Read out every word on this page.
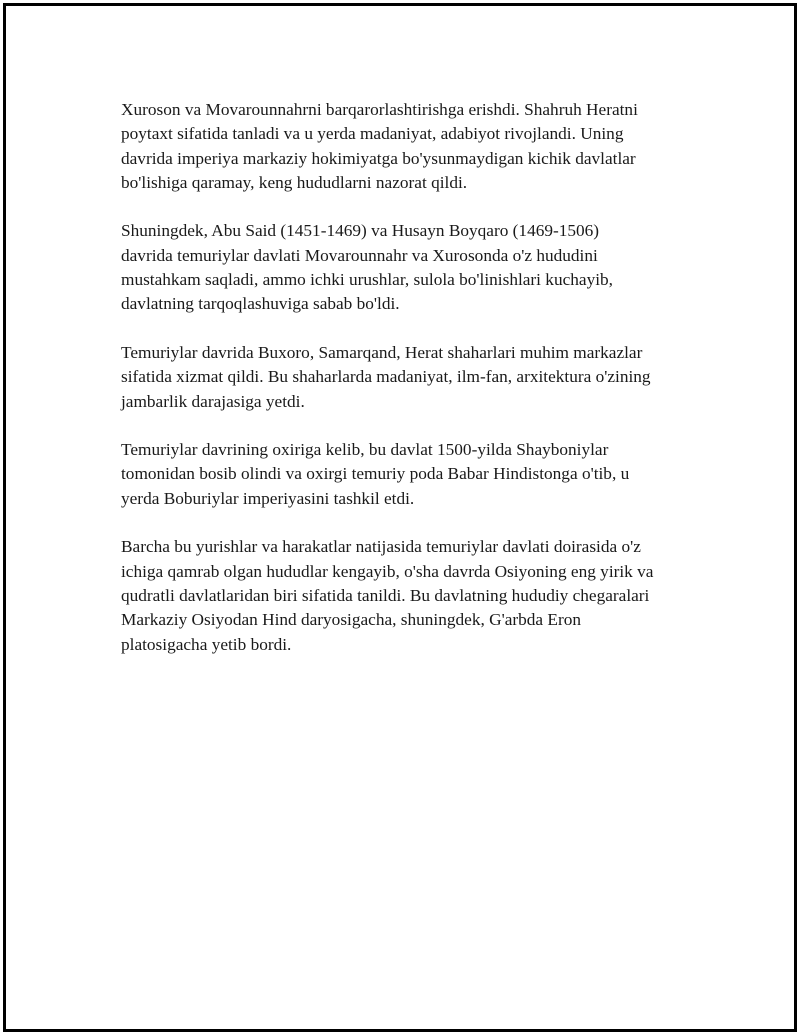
Xuroson va Movarounnahrni barqarorlashtirishga erishdi. Shahruh Heratni
poytaxt sifatida tanladi va u yerda madaniyat, adabiyot rivojlandi. Uning
davrida imperiya markaziy hokimiyatga bo'ysunmaydigan kichik davlatlar
bo'lishiga qaramay, keng hududlarni nazorat qildi.

Shuningdek, Abu Said (1451-1469) va Husayn Boyqaro (1469-1506)
davrida temuriylar davlati Movarounnahr va Xurosonda o'z hududini
mustahkam saqladi, ammo ichki urushlar, sulola bo'linishlari kuchayib,
davlatning tarqoqlashuviga sabab bo'ldi.

Temuriylar davrida Buxoro, Samarqand, Herat shaharlari muhim markazlar
sifatida xizmat qildi. Bu shaharlarda madaniyat, ilm-fan, arxitektura o'zining
jambarlik darajasiga yetdi.

Temuriylar davrining oxiriga kelib, bu davlat 1500-yilda Shayboniylar
tomonidan bosib olindi va oxirgi temuriy poda Babar Hindistonga o'tib, u
yerda Boburiylar imperiyasini tashkil etdi.

Barcha bu yurishlar va harakatlar natijasida temuriylar davlati doirasida o'z
ichiga qamrab olgan hududlar kengayib, o'sha davrda Osiyoning eng yirik va
qudratli davlatlaridan biri sifatida tanildi. Bu davlatning hududiy chegaralari
Markaziy Osiyodan Hind daryosigacha, shuningdek, G'arbda Eron
platosigacha yetib bordi.
